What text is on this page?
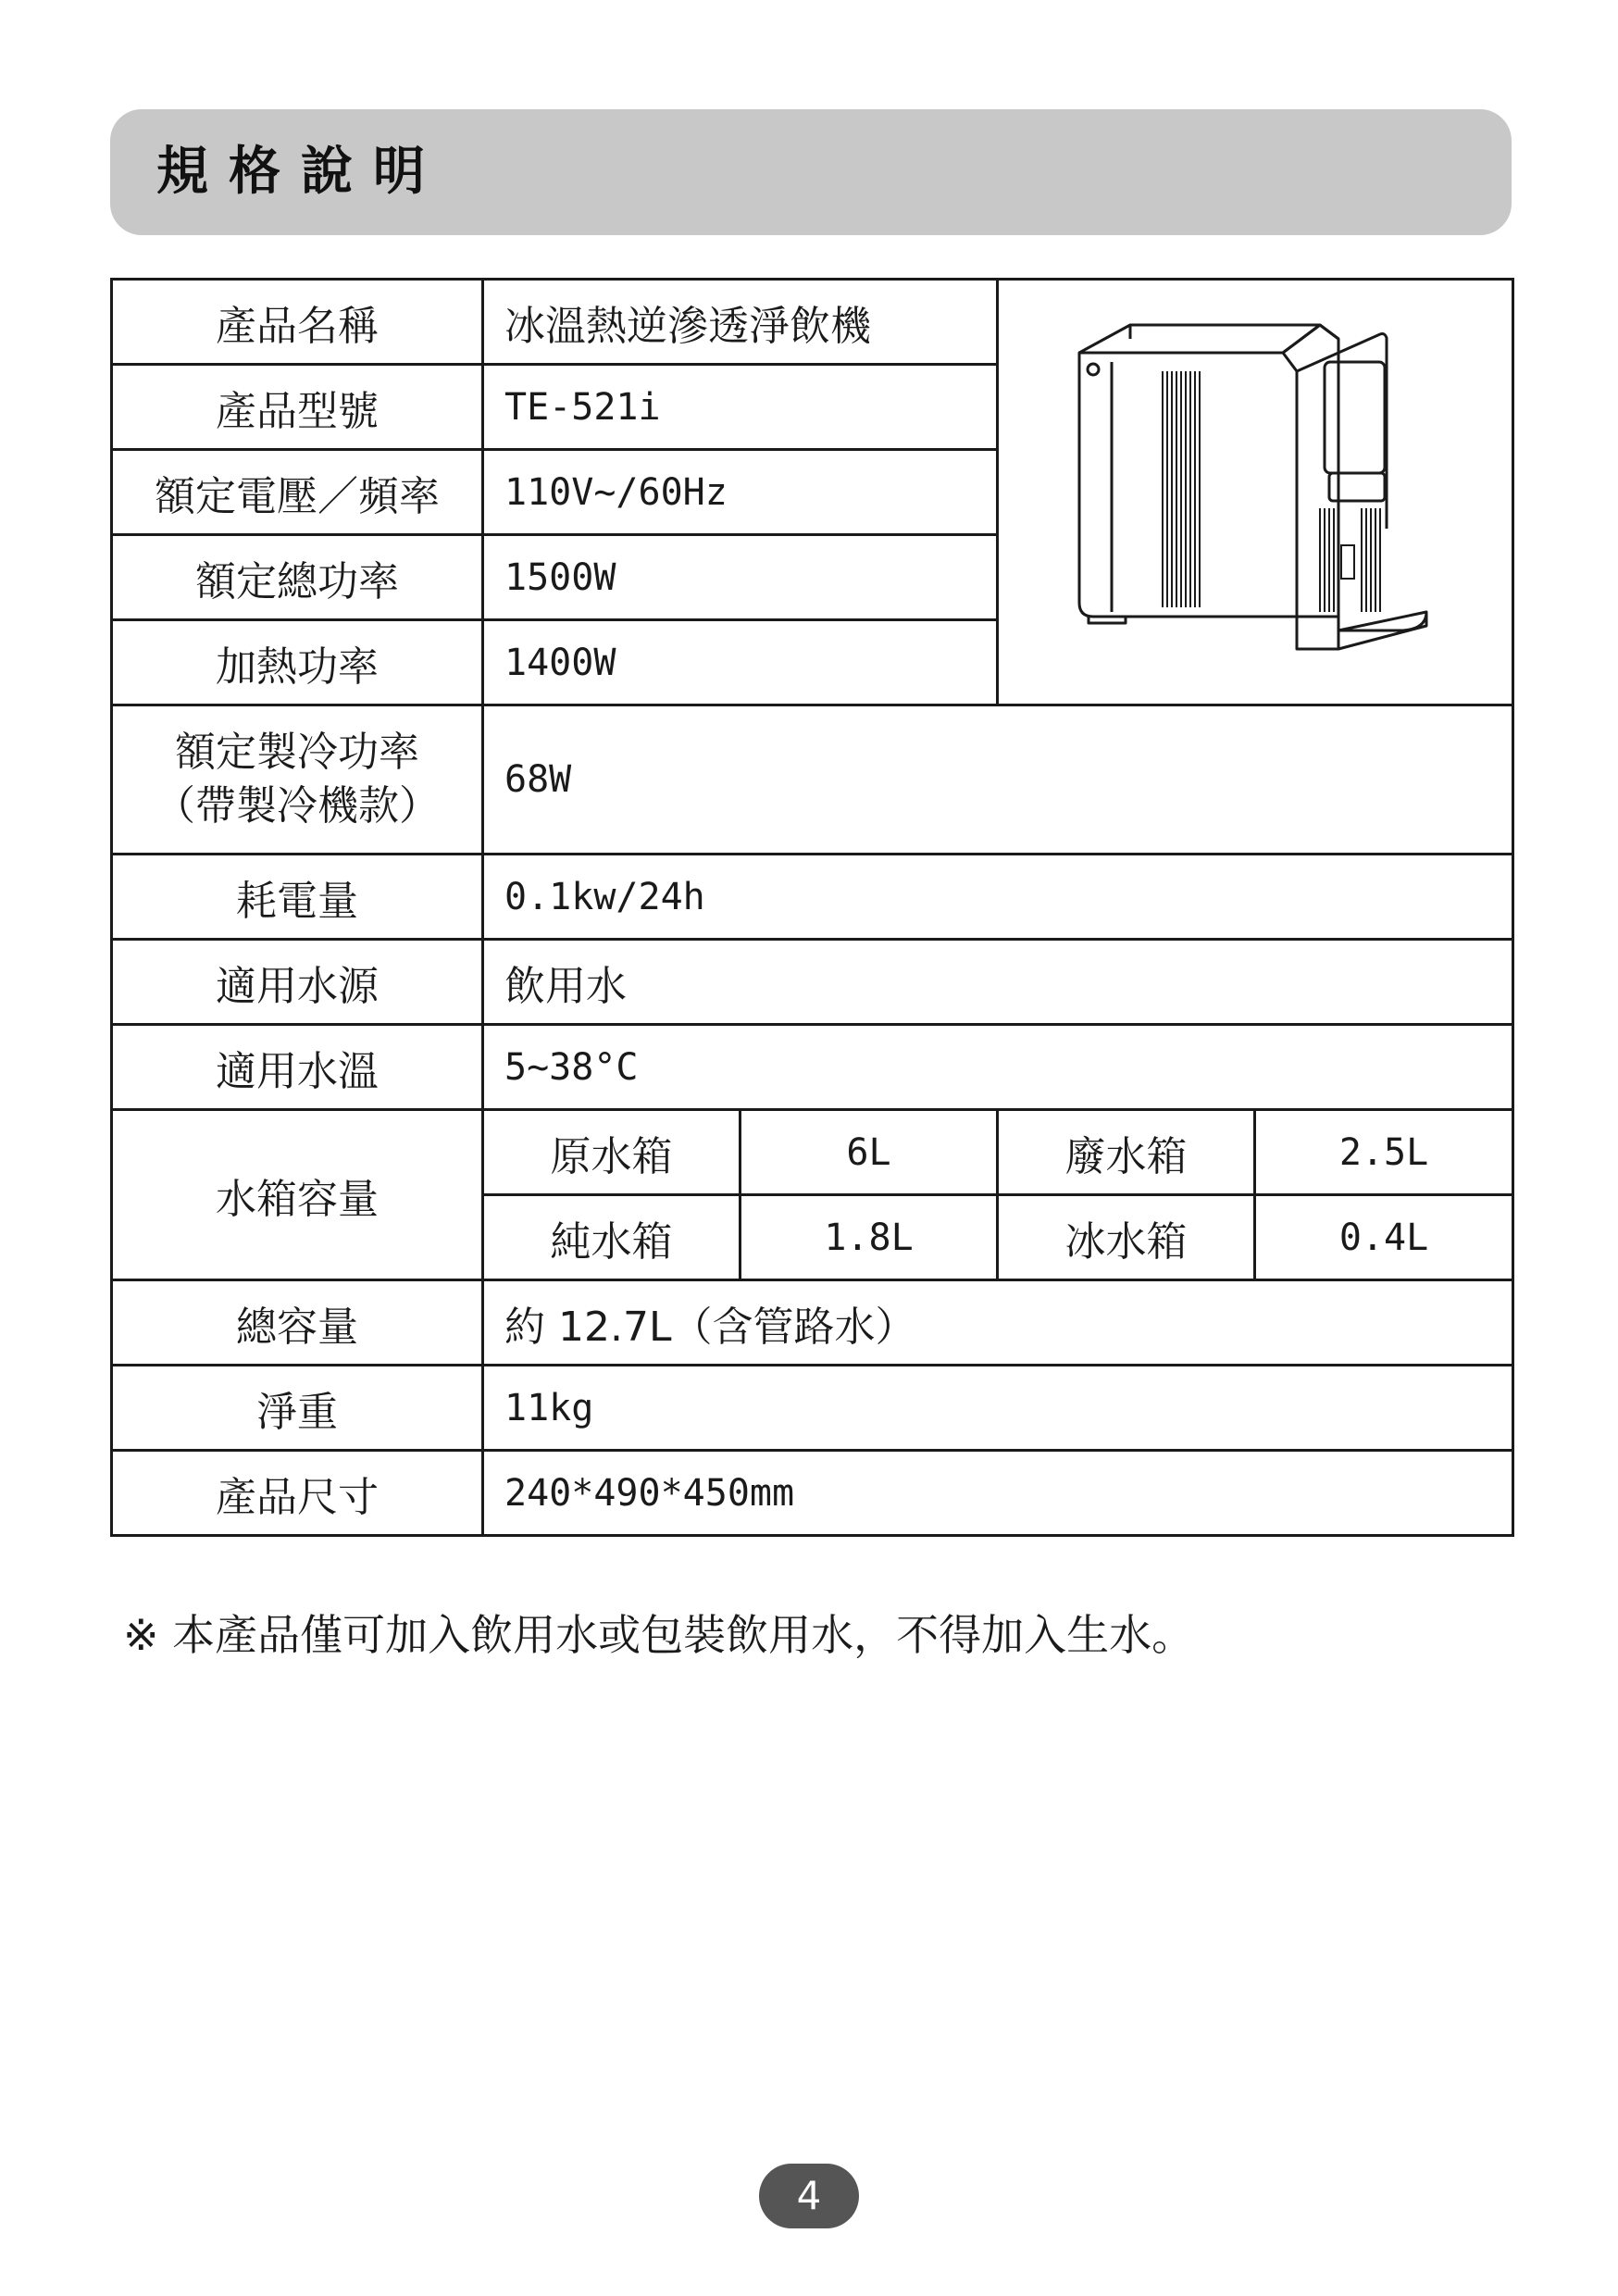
規格說明
產品名稱	冰溫熱逆滲透淨飲機	
產品型號	TE-521i			
額定電壓／頻率	110V~/60Hz			
額定總功率	1500W			
加熱功率	1400W			

額定製冷功率
（帶製冷機款）	68W			
耗電量	0.1kw/24h			
適用水源	飲用水			
適用水溫	5~38°C			
水箱容量	原水箱	6L	廢水箱	2.5L
	純水箱	1.8L	冰水箱	0.4L
總容量	約 12.7L（含管路水）			
淨重	11kg			
產品尺寸	240*490*450mm			
※ 本產品僅可加入飲用水或包裝飲用水，不得加入生水。
4
